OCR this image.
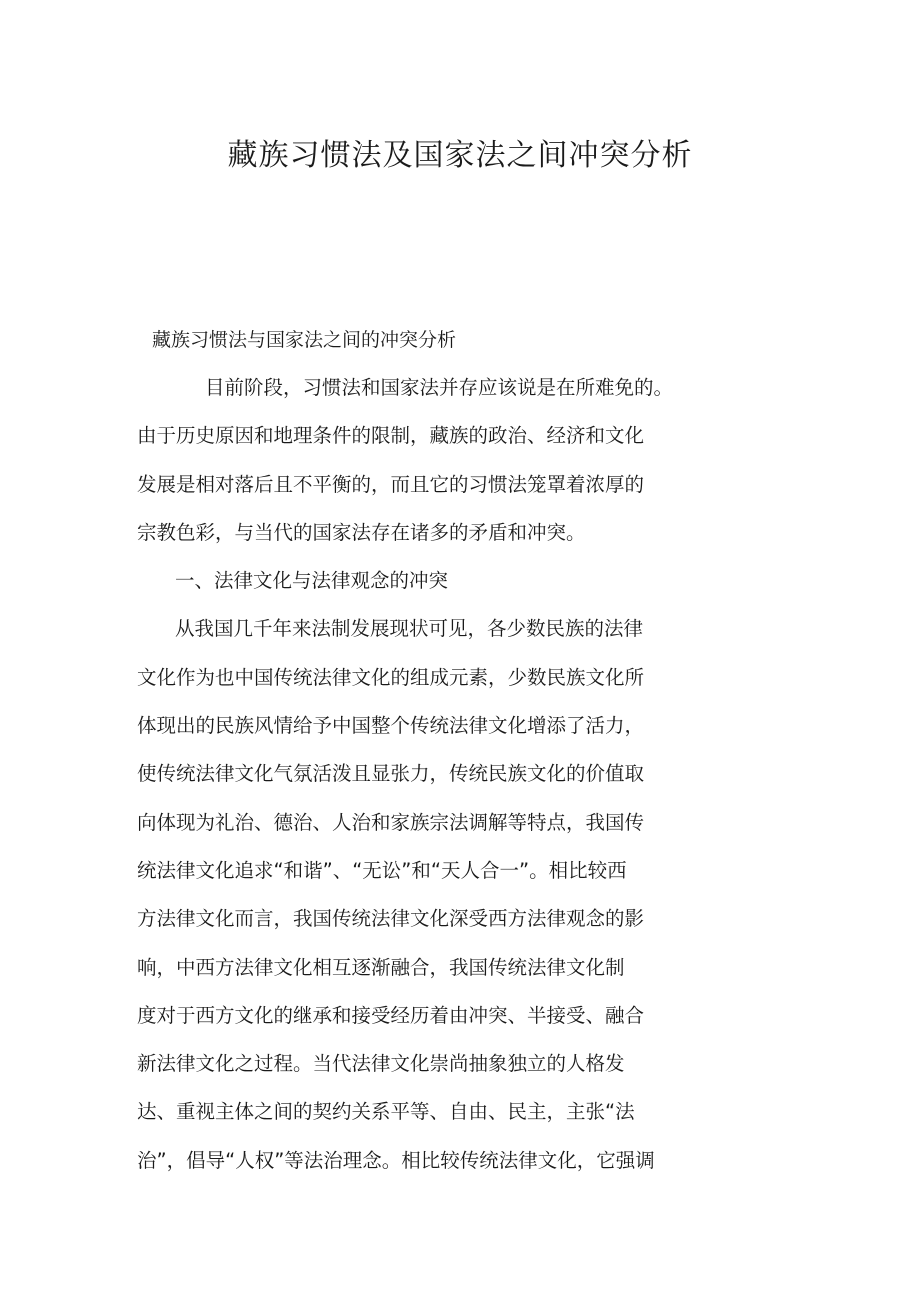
藏族习惯法及国家法之间冲突分析

藏族习惯法与国家法之间的冲突分析

目前阶段，习惯法和国家法并存应该说是在所难免的。

由于历史原因和地理条件的限制，藏族的政治、经济和文化

发展是相对落后且不平衡的，而且它的习惯法笼罩着浓厚的

宗教色彩，与当代的国家法存在诸多的矛盾和冲突。

一、法律文化与法律观念的冲突

从我国几千年来法制发展现状可见，各少数民族的法律

文化作为也中国传统法律文化的组成元素，少数民族文化所

体现出的民族风情给予中国整个传统法律文化增添了活力，

使传统法律文化气氛活泼且显张力，传统民族文化的价值取

向体现为礼治、德治、人治和家族宗法调解等特点，我国传

统法律文化追求“和谐”、“无讼”和“天人合一”。相比较西

方法律文化而言，我国传统法律文化深受西方法律观念的影

响，中西方法律文化相互逐渐融合，我国传统法律文化制

度对于西方文化的继承和接受经历着由冲突、半接受、融合

新法律文化之过程。当代法律文化崇尚抽象独立的人格发

达、重视主体之间的契约关系平等、自由、民主，主张“法

治”，倡导“人权”等法治理念。相比较传统法律文化，它强调
